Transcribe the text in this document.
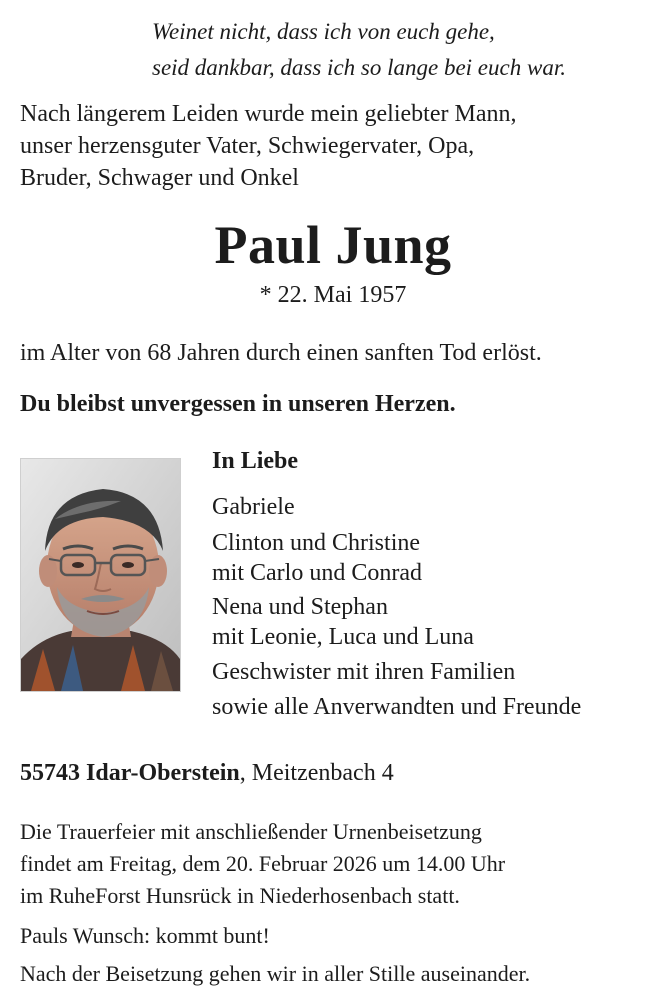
Weinet nicht, dass ich von euch gehe,
seid dankbar, dass ich so lange bei euch war.
Nach längerem Leiden wurde mein geliebter Mann,
unser herzensguter Vater, Schwiegervater, Opa,
Bruder, Schwager und Onkel
Paul Jung
* 22. Mai 1957
im Alter von 68 Jahren durch einen sanften Tod erlöst.
Du bleibst unvergessen in unseren Herzen.
In Liebe
Gabriele
Clinton und Christine
mit Carlo und Conrad
Nena und Stephan
mit Leonie, Luca und Luna
Geschwister mit ihren Familien
sowie alle Anverwandten und Freunde
55743 Idar-Oberstein, Meitzenbach 4
Die Trauerfeier mit anschließender Urnenbeisetzung
findet am Freitag, dem 20. Februar 2026 um 14.00 Uhr
im RuheForst Hunsrück in Niederhosenbach statt.
Pauls Wunsch: kommt bunt!
Nach der Beisetzung gehen wir in aller Stille auseinander.
